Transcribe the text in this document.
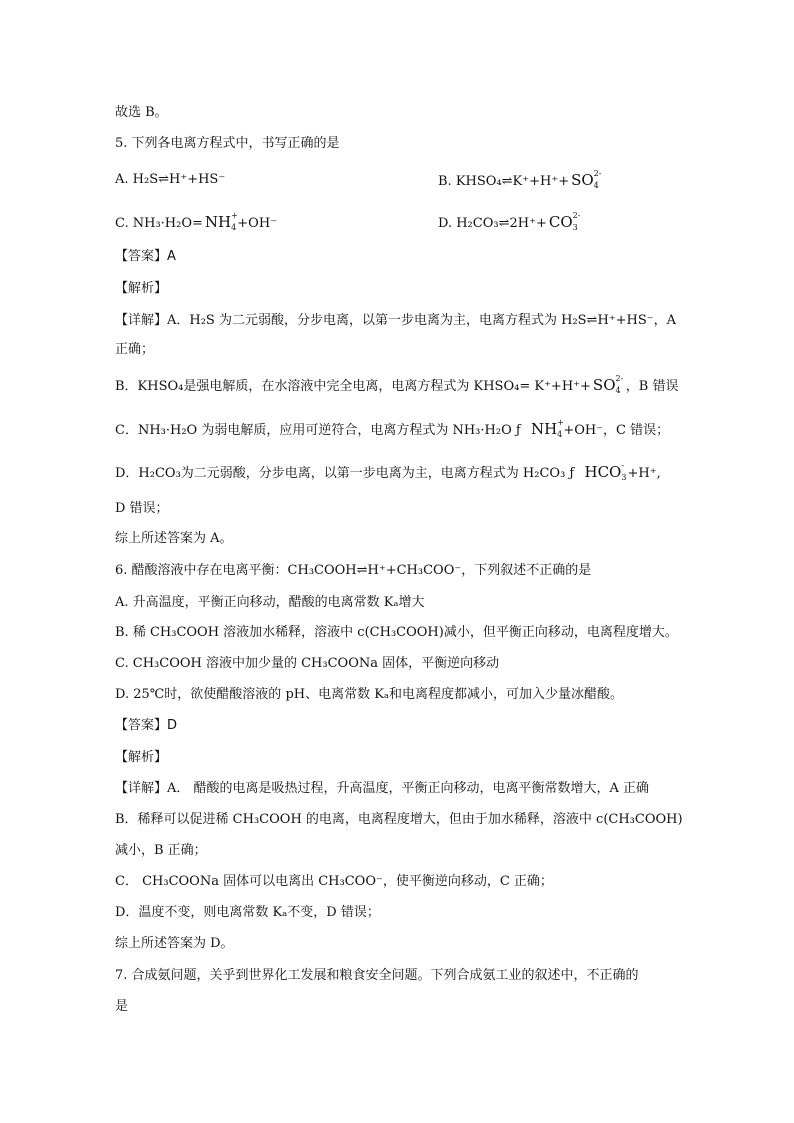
故选 B。
5. 下列各电离方程式中，书写正确的是
A. H₂S⇌H⁺+HS⁻	B. KHSO₄⇌K⁺+H⁺+ SO 2-
4
C. NH₃·H₂O= NH +
4 +OH⁻	D. H₂CO₃⇌2H⁺+ CO 2-
3
【答案】A
【解析】
【详解】A．H₂S 为二元弱酸，分步电离，以第一步电离为主，电离方程式为 H₂S⇌H⁺+HS⁻，A
正确；
B．KHSO₄是强电解质，在水溶液中完全电离，电离方程式为 KHSO₄= K⁺+H⁺+ SO 2-
4 ，B 错误
C．NH₃·H₂O 为弱电解质，应用可逆符合，电离方程式为 NH₃·H₂O ƒ NH +
4 +OH⁻，C 错误；
D．H₂CO₃为二元弱酸，分步电离，以第一步电离为主，电离方程式为 H₂CO₃ ƒ HCO -
3 +H⁺,
D 错误；
综上所述答案为 A。
6. 醋酸溶液中存在电离平衡：CH₃COOH⇌H⁺+CH₃COO⁻，下列叙述不正确的是
A. 升高温度，平衡正向移动，醋酸的电离常数 Kₐ增大
B. 稀 CH₃COOH 溶液加水稀释，溶液中 c(CH₃COOH)减小，但平衡正向移动，电离程度增大。
C. CH₃COOH 溶液中加少量的 CH₃COONa 固体，平衡逆向移动
D. 25℃时，欲使醋酸溶液的 pH、电离常数 Kₐ和电离程度都减小，可加入少量冰醋酸。
【答案】D
【解析】
【详解】A． 醋酸的电离是吸热过程，升高温度，平衡正向移动，电离平衡常数增大，A 正确
B．稀释可以促进稀 CH₃COOH 的电离，电离程度增大，但由于加水稀释，溶液中 c(CH₃COOH)
减小，B 正确；
C． CH₃COONa 固体可以电离出 CH₃COO⁻，使平衡逆向移动，C 正确；
D．温度不变，则电离常数 Kₐ不变，D 错误；
综上所述答案为 D。
7. 合成氨问题，关乎到世界化工发展和粮食安全问题。下列合成氨工业的叙述中，不正确的
是
